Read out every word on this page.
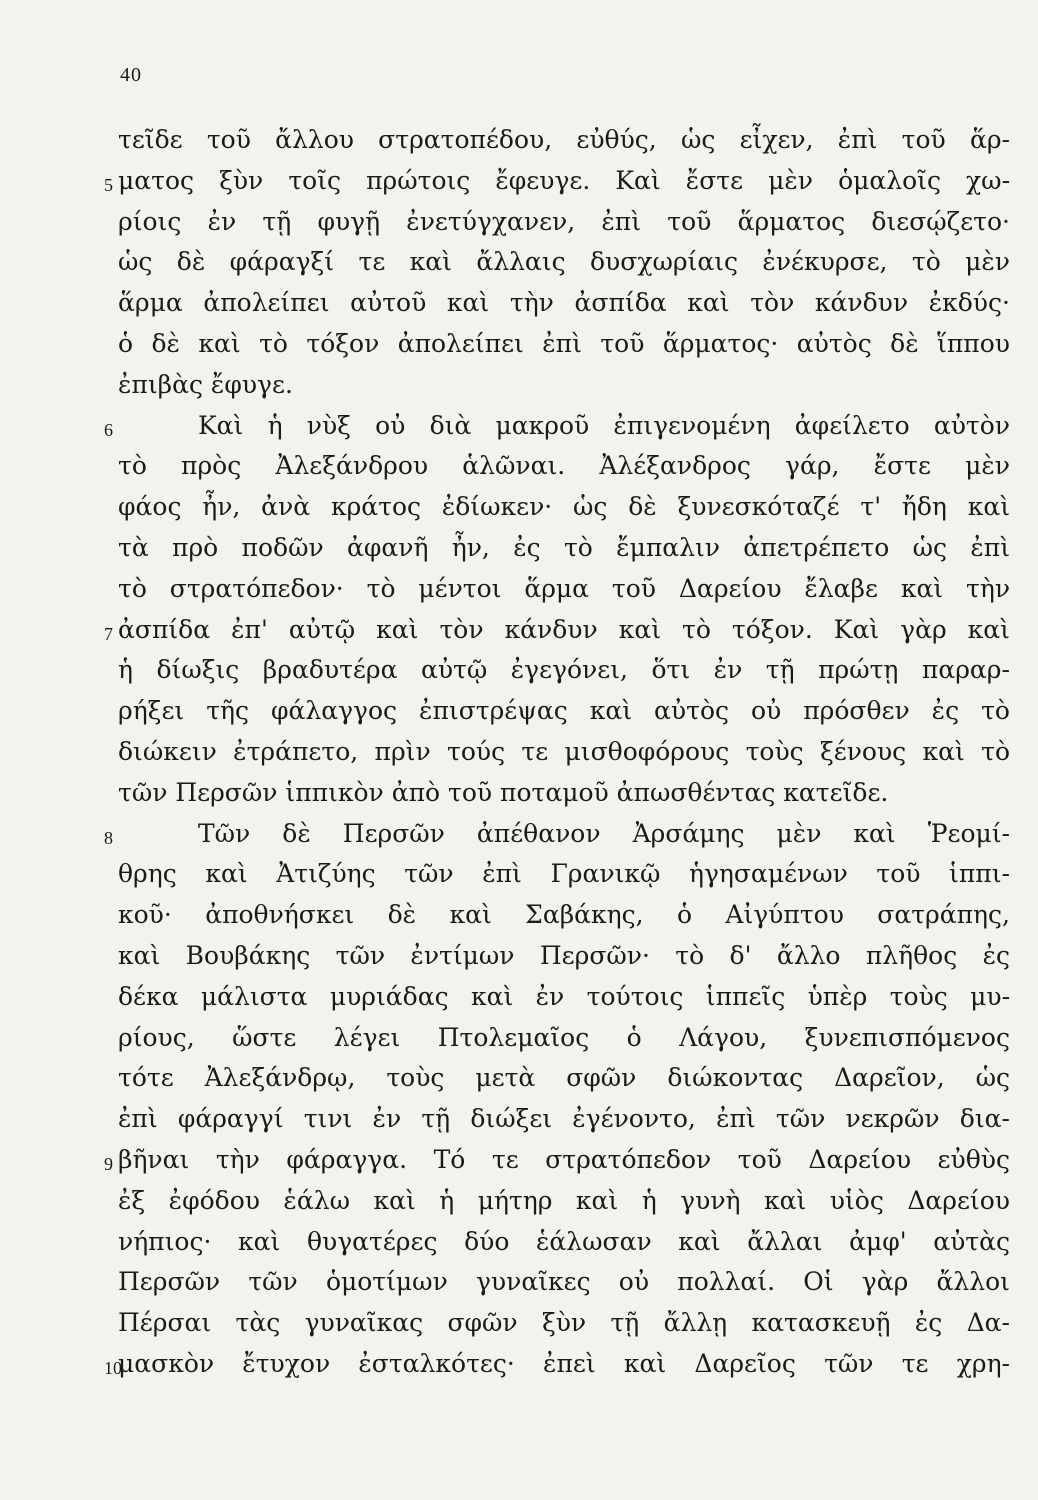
40
τεῖδε τοῦ ἄλλου στρατοπέδου, εὐθύς, ὡς εἶχεν, ἐπὶ τοῦ ἅρ-
5 ματος ξὺν τοῖς πρώτοις ἔφευγε. Καὶ ἔστε μὲν ὁμαλοῖς χω-
ρίοις ἐν τῇ φυγῇ ἐνετύγχανεν, ἐπὶ τοῦ ἅρματος διεσῴζετο·
ὡς δὲ φάραγξί τε καὶ ἄλλαις δυσχωρίαις ἐνέκυρσε, τὸ μὲν
ἅρμα ἀπολείπει αὐτοῦ καὶ τὴν ἀσπίδα καὶ τὸν κάνδυν ἐκδύς·
ὁ δὲ καὶ τὸ τόξον ἀπολείπει ἐπὶ τοῦ ἅρματος· αὐτὸς δὲ ἵππου
ἐπιβὰς ἔφυγε.
6	Καὶ ἡ νὺξ οὐ διὰ μακροῦ ἐπιγενομένη ἀφείλετο αὐτὸν
τὸ πρὸς Ἀλεξάνδρου ἁλῶναι. Ἀλέξανδρος γάρ, ἔστε μὲν
φάος ἦν, ἀνὰ κράτος ἐδίωκεν· ὡς δὲ ξυνεσκόταζέ τ' ἤδη καὶ
τὰ πρὸ ποδῶν ἀφανῆ ἦν, ἐς τὸ ἔμπαλιν ἀπετρέπετο ὡς ἐπὶ
τὸ στρατόπεδον· τὸ μέντοι ἅρμα τοῦ Δαρείου ἔλαβε καὶ τὴν
7 ἀσπίδα ἐπ' αὐτῷ καὶ τὸν κάνδυν καὶ τὸ τόξον. Καὶ γὰρ καὶ
ἡ δίωξις βραδυτέρα αὐτῷ ἐγεγόνει, ὅτι ἐν τῇ πρώτῃ παραρ-
ρήξει τῆς φάλαγγος ἐπιστρέψας καὶ αὐτὸς οὐ πρόσθεν ἐς τὸ
διώκειν ἐτράπετο, πρὶν τούς τε μισθοφόρους τοὺς ξένους καὶ τὸ
τῶν Περσῶν ἱππικὸν ἀπὸ τοῦ ποταμοῦ ἀπωσθέντας κατεῖδε.
8	Τῶν δὲ Περσῶν ἀπέθανον Ἀρσάμης μὲν καὶ Ῥεομί-
θρης καὶ Ἀτιζύης τῶν ἐπὶ Γρανικῷ ἡγησαμένων τοῦ ἱππι-
κοῦ· ἀποθνήσκει δὲ καὶ Σαβάκης, ὁ Αἰγύπτου σατράπης,
καὶ Βουβάκης τῶν ἐντίμων Περσῶν· τὸ δ' ἄλλο πλῆθος ἐς
δέκα μάλιστα μυριάδας καὶ ἐν τούτοις ἱππεῖς ὑπὲρ τοὺς μυ-
ρίους, ὥστε λέγει Πτολεμαῖος ὁ Λάγου, ξυνεπισπόμενος
τότε Ἀλεξάνδρῳ, τοὺς μετὰ σφῶν διώκοντας Δαρεῖον, ὡς
ἐπὶ φάραγγί τινι ἐν τῇ διώξει ἐγένοντο, ἐπὶ τῶν νεκρῶν δια-
9 βῆναι τὴν φάραγγα. Τό τε στρατόπεδον τοῦ Δαρείου εὐθὺς
ἐξ ἐφόδου ἑάλω καὶ ἡ μήτηρ καὶ ἡ γυνὴ καὶ υἱὸς Δαρείου
νήπιος· καὶ θυγατέρες δύο ἑάλωσαν καὶ ἄλλαι ἀμφ' αὐτὰς
Περσῶν τῶν ὁμοτίμων γυναῖκες οὐ πολλαί. Οἱ γὰρ ἄλλοι
Πέρσαι τὰς γυναῖκας σφῶν ξὺν τῇ ἄλλῃ κατασκευῇ ἐς Δα-
10
μασκὸν ἔτυχον ἐσταλκότες· ἐπεὶ καὶ Δαρεῖος τῶν τε χρη-
